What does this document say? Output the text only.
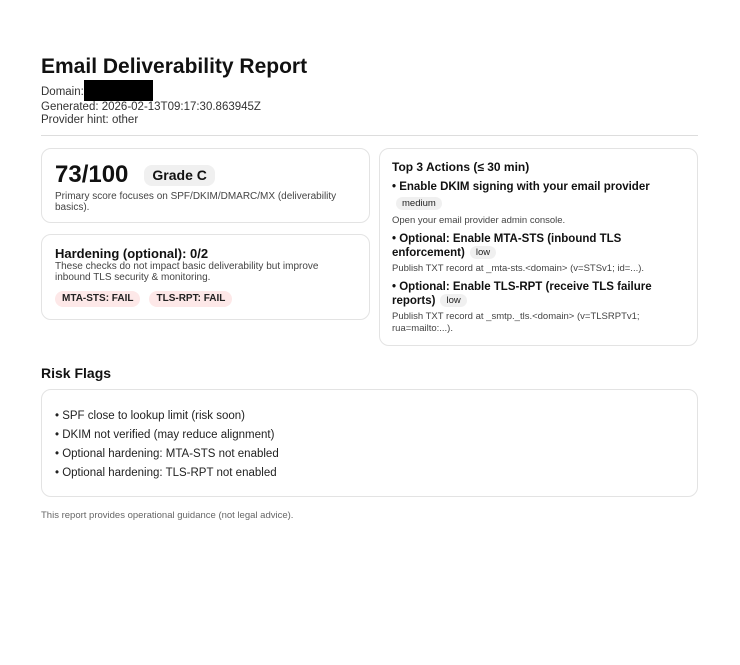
Email Deliverability Report
Domain:
Generated: 2026-02-13T09:17:30.863945Z
Provider hint: other
73/100	Grade C
Primary score focuses on SPF/DKIM/DMARC/MX (deliverability basics).
Hardening (optional): 0/2
These checks do not impact basic deliverability but improve inbound TLS security & monitoring.
MTA-STS: FAIL	TLS-RPT: FAIL
Top 3 Actions (≤ 30 min)
• Enable DKIM signing with your email provider
medium
Open your email provider admin console.
• Optional: Enable MTA-STS (inbound TLS enforcement) low
Publish TXT record at _mta-sts.<domain> (v=STSv1; id=...).
• Optional: Enable TLS-RPT (receive TLS failure reports) low
Publish TXT record at _smtp._tls.<domain> (v=TLSRPTv1; rua=mailto:...).
Risk Flags
• SPF close to lookup limit (risk soon)
• DKIM not verified (may reduce alignment)
• Optional hardening: MTA-STS not enabled
• Optional hardening: TLS-RPT not enabled
This report provides operational guidance (not legal advice).
